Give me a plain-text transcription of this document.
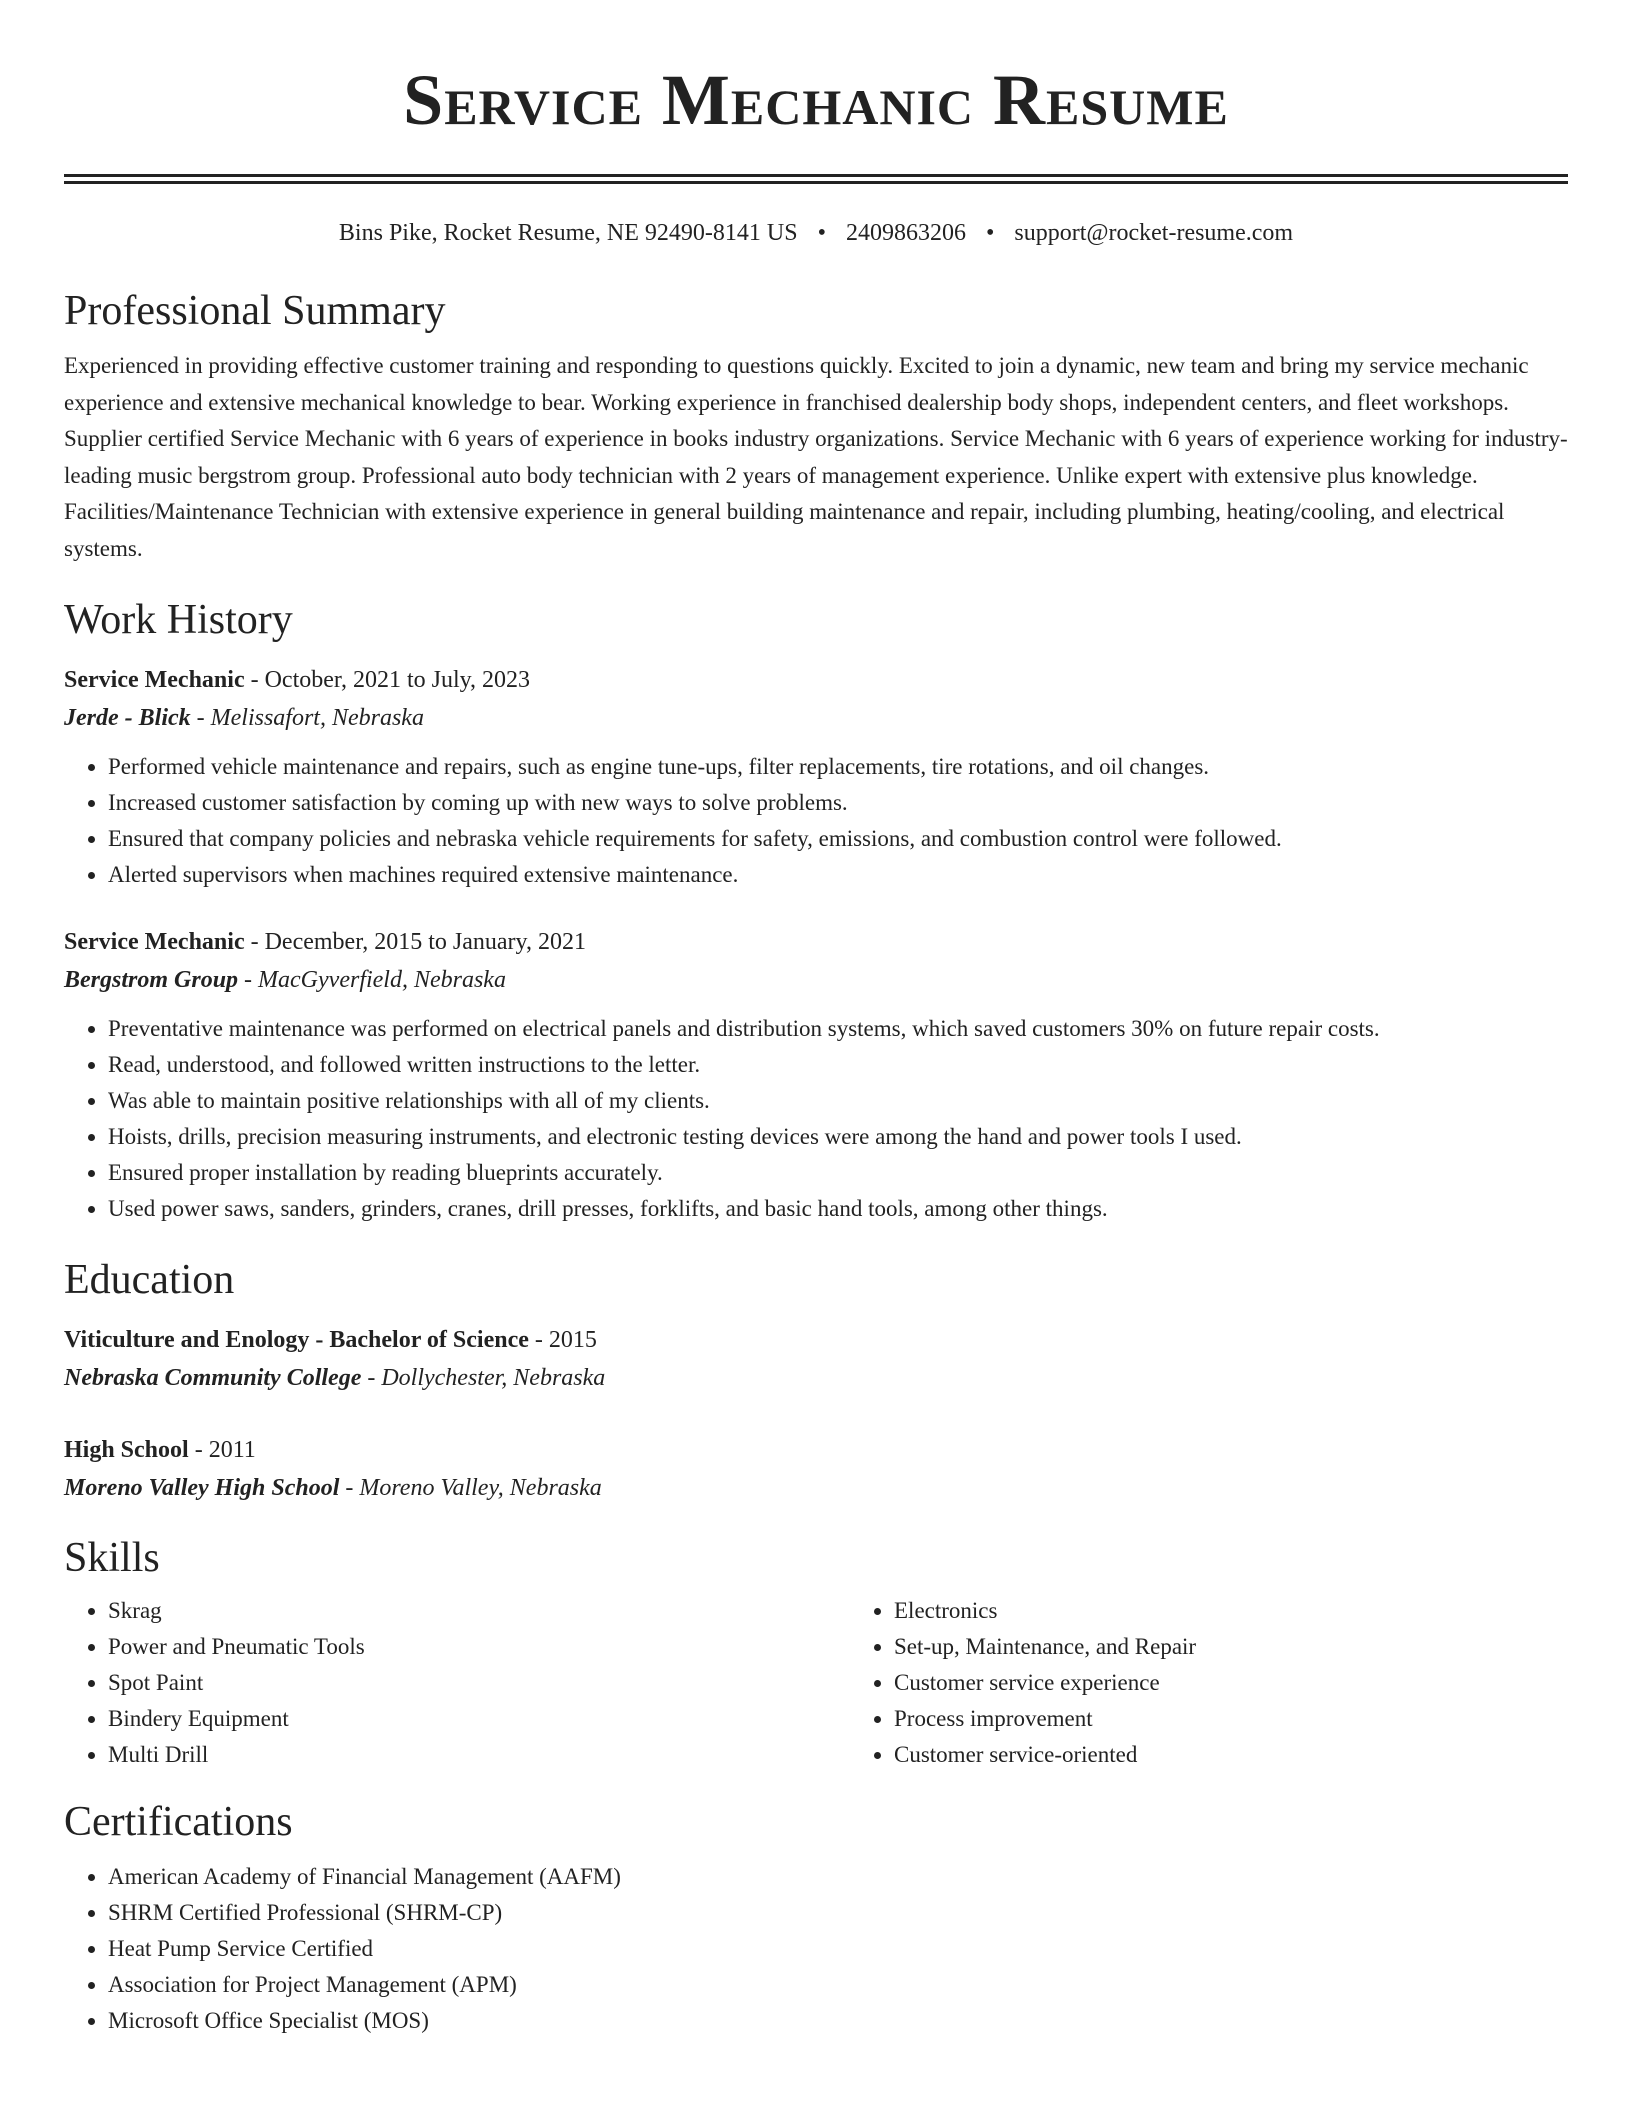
Service Mechanic Resume
Bins Pike, Rocket Resume, NE 92490-8141 US • 2409863206 • support@rocket-resume.com
Professional Summary
Experienced in providing effective customer training and responding to questions quickly. Excited to join a dynamic, new team and bring my service mechanic experience and extensive mechanical knowledge to bear. Working experience in franchised dealership body shops, independent centers, and fleet workshops. Supplier certified Service Mechanic with 6 years of experience in books industry organizations. Service Mechanic with 6 years of experience working for industry-leading music bergstrom group. Professional auto body technician with 2 years of management experience. Unlike expert with extensive plus knowledge. Facilities/Maintenance Technician with extensive experience in general building maintenance and repair, including plumbing, heating/cooling, and electrical systems.
Work History
Service Mechanic - October, 2021 to July, 2023
Jerde - Blick - Melissafort, Nebraska
• Performed vehicle maintenance and repairs, such as engine tune-ups, filter replacements, tire rotations, and oil changes.
• Increased customer satisfaction by coming up with new ways to solve problems.
• Ensured that company policies and nebraska vehicle requirements for safety, emissions, and combustion control were followed.
• Alerted supervisors when machines required extensive maintenance.
Service Mechanic - December, 2015 to January, 2021
Bergstrom Group - MacGyverfield, Nebraska
• Preventative maintenance was performed on electrical panels and distribution systems, which saved customers 30% on future repair costs.
• Read, understood, and followed written instructions to the letter.
• Was able to maintain positive relationships with all of my clients.
• Hoists, drills, precision measuring instruments, and electronic testing devices were among the hand and power tools I used.
• Ensured proper installation by reading blueprints accurately.
• Used power saws, sanders, grinders, cranes, drill presses, forklifts, and basic hand tools, among other things.
Education
Viticulture and Enology - Bachelor of Science - 2015
Nebraska Community College - Dollychester, Nebraska
High School - 2011
Moreno Valley High School - Moreno Valley, Nebraska
Skills
• Skrag
• Power and Pneumatic Tools
• Spot Paint
• Bindery Equipment
• Multi Drill
• Electronics
• Set-up, Maintenance, and Repair
• Customer service experience
• Process improvement
• Customer service-oriented
Certifications
• American Academy of Financial Management (AAFM)
• SHRM Certified Professional (SHRM-CP)
• Heat Pump Service Certified
• Association for Project Management (APM)
• Microsoft Office Specialist (MOS)
